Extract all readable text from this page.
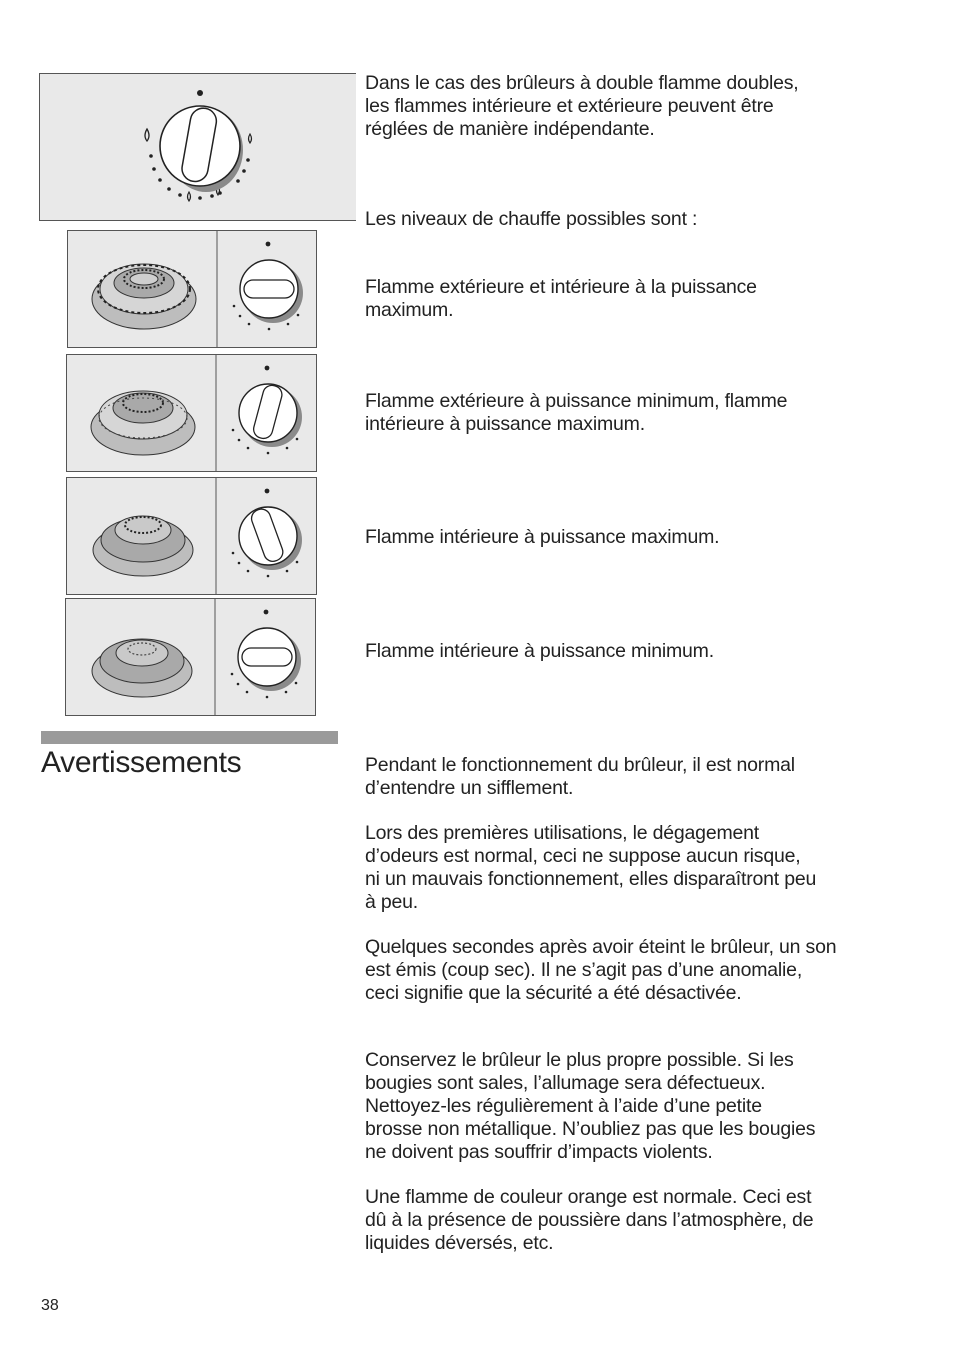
Dans le cas des brûleurs à double flamme doubles,
les flammes intérieure et extérieure peuvent être
réglées de manière indépendante.

Les niveaux de chauffe possibles sont :

Flamme extérieure et intérieure à la puissance
maximum.

Flamme extérieure à puissance minimum, flamme
intérieure à puissance maximum.

Flamme intérieure à puissance maximum.

Flamme intérieure à puissance minimum.

Avertissements	Pendant le fonctionnement du brûleur, il est normal
d’entendre un sifflement.

Lors des premières utilisations, le dégagement
d’odeurs est normal, ceci ne suppose aucun risque,
ni un mauvais fonctionnement, elles disparaîtront peu
à peu.

Quelques secondes après avoir éteint le brûleur, un son
est émis (coup sec). Il ne s’agit pas d’une anomalie,
ceci signifie que la sécurité a été désactivée.

Conservez le brûleur le plus propre possible. Si les
bougies sont sales, l’allumage sera défectueux.
Nettoyez-les régulièrement à l’aide d’une petite
brosse non métallique. N’oubliez pas que les bougies
ne doivent pas souffrir d’impacts violents.

Une flamme de couleur orange est normale. Ceci est
dû à la présence de poussière dans l’atmosphère, de
liquides déversés, etc.

38
